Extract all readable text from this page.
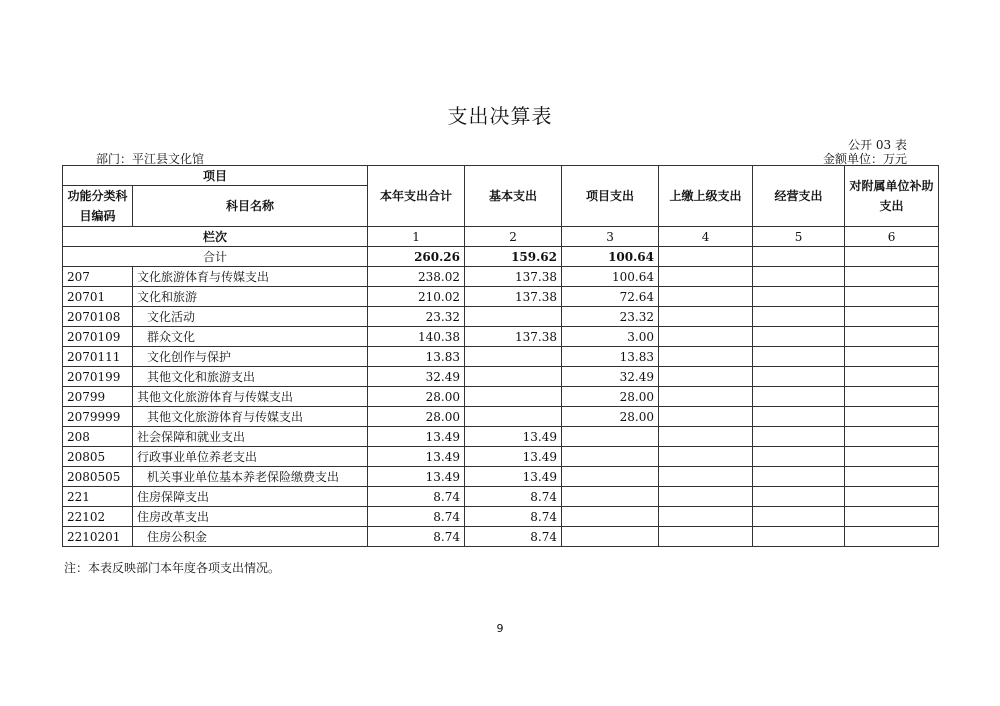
支出决算表
公开 03 表
部门：平江县文化馆	金额单位：万元
项目		本年支出合计	基本支出	项目支出	上缴上级支出	经营支出	对附属单位补助支出
功能分类科目编码	科目名称						
栏次		1	2	3	4	5	6
合计		260.26	159.62	100.64			
207	文化旅游体育与传媒支出	238.02	137.38	100.64			
20701	文化和旅游	210.02	137.38	72.64			
2070108	文化活动	23.32		23.32			
2070109	群众文化	140.38	137.38	3.00			
2070111	文化创作与保护	13.83		13.83			
2070199	其他文化和旅游支出	32.49		32.49			
20799	其他文化旅游体育与传媒支出	28.00		28.00			
2079999	其他文化旅游体育与传媒支出	28.00		28.00			
208	社会保障和就业支出	13.49	13.49				
20805	行政事业单位养老支出	13.49	13.49				
2080505	机关事业单位基本养老保险缴费支出	13.49	13.49				
221	住房保障支出	8.74	8.74				
22102	住房改革支出	8.74	8.74				
2210201	住房公积金	8.74	8.74				
注：本表反映部门本年度各项支出情况。
9
